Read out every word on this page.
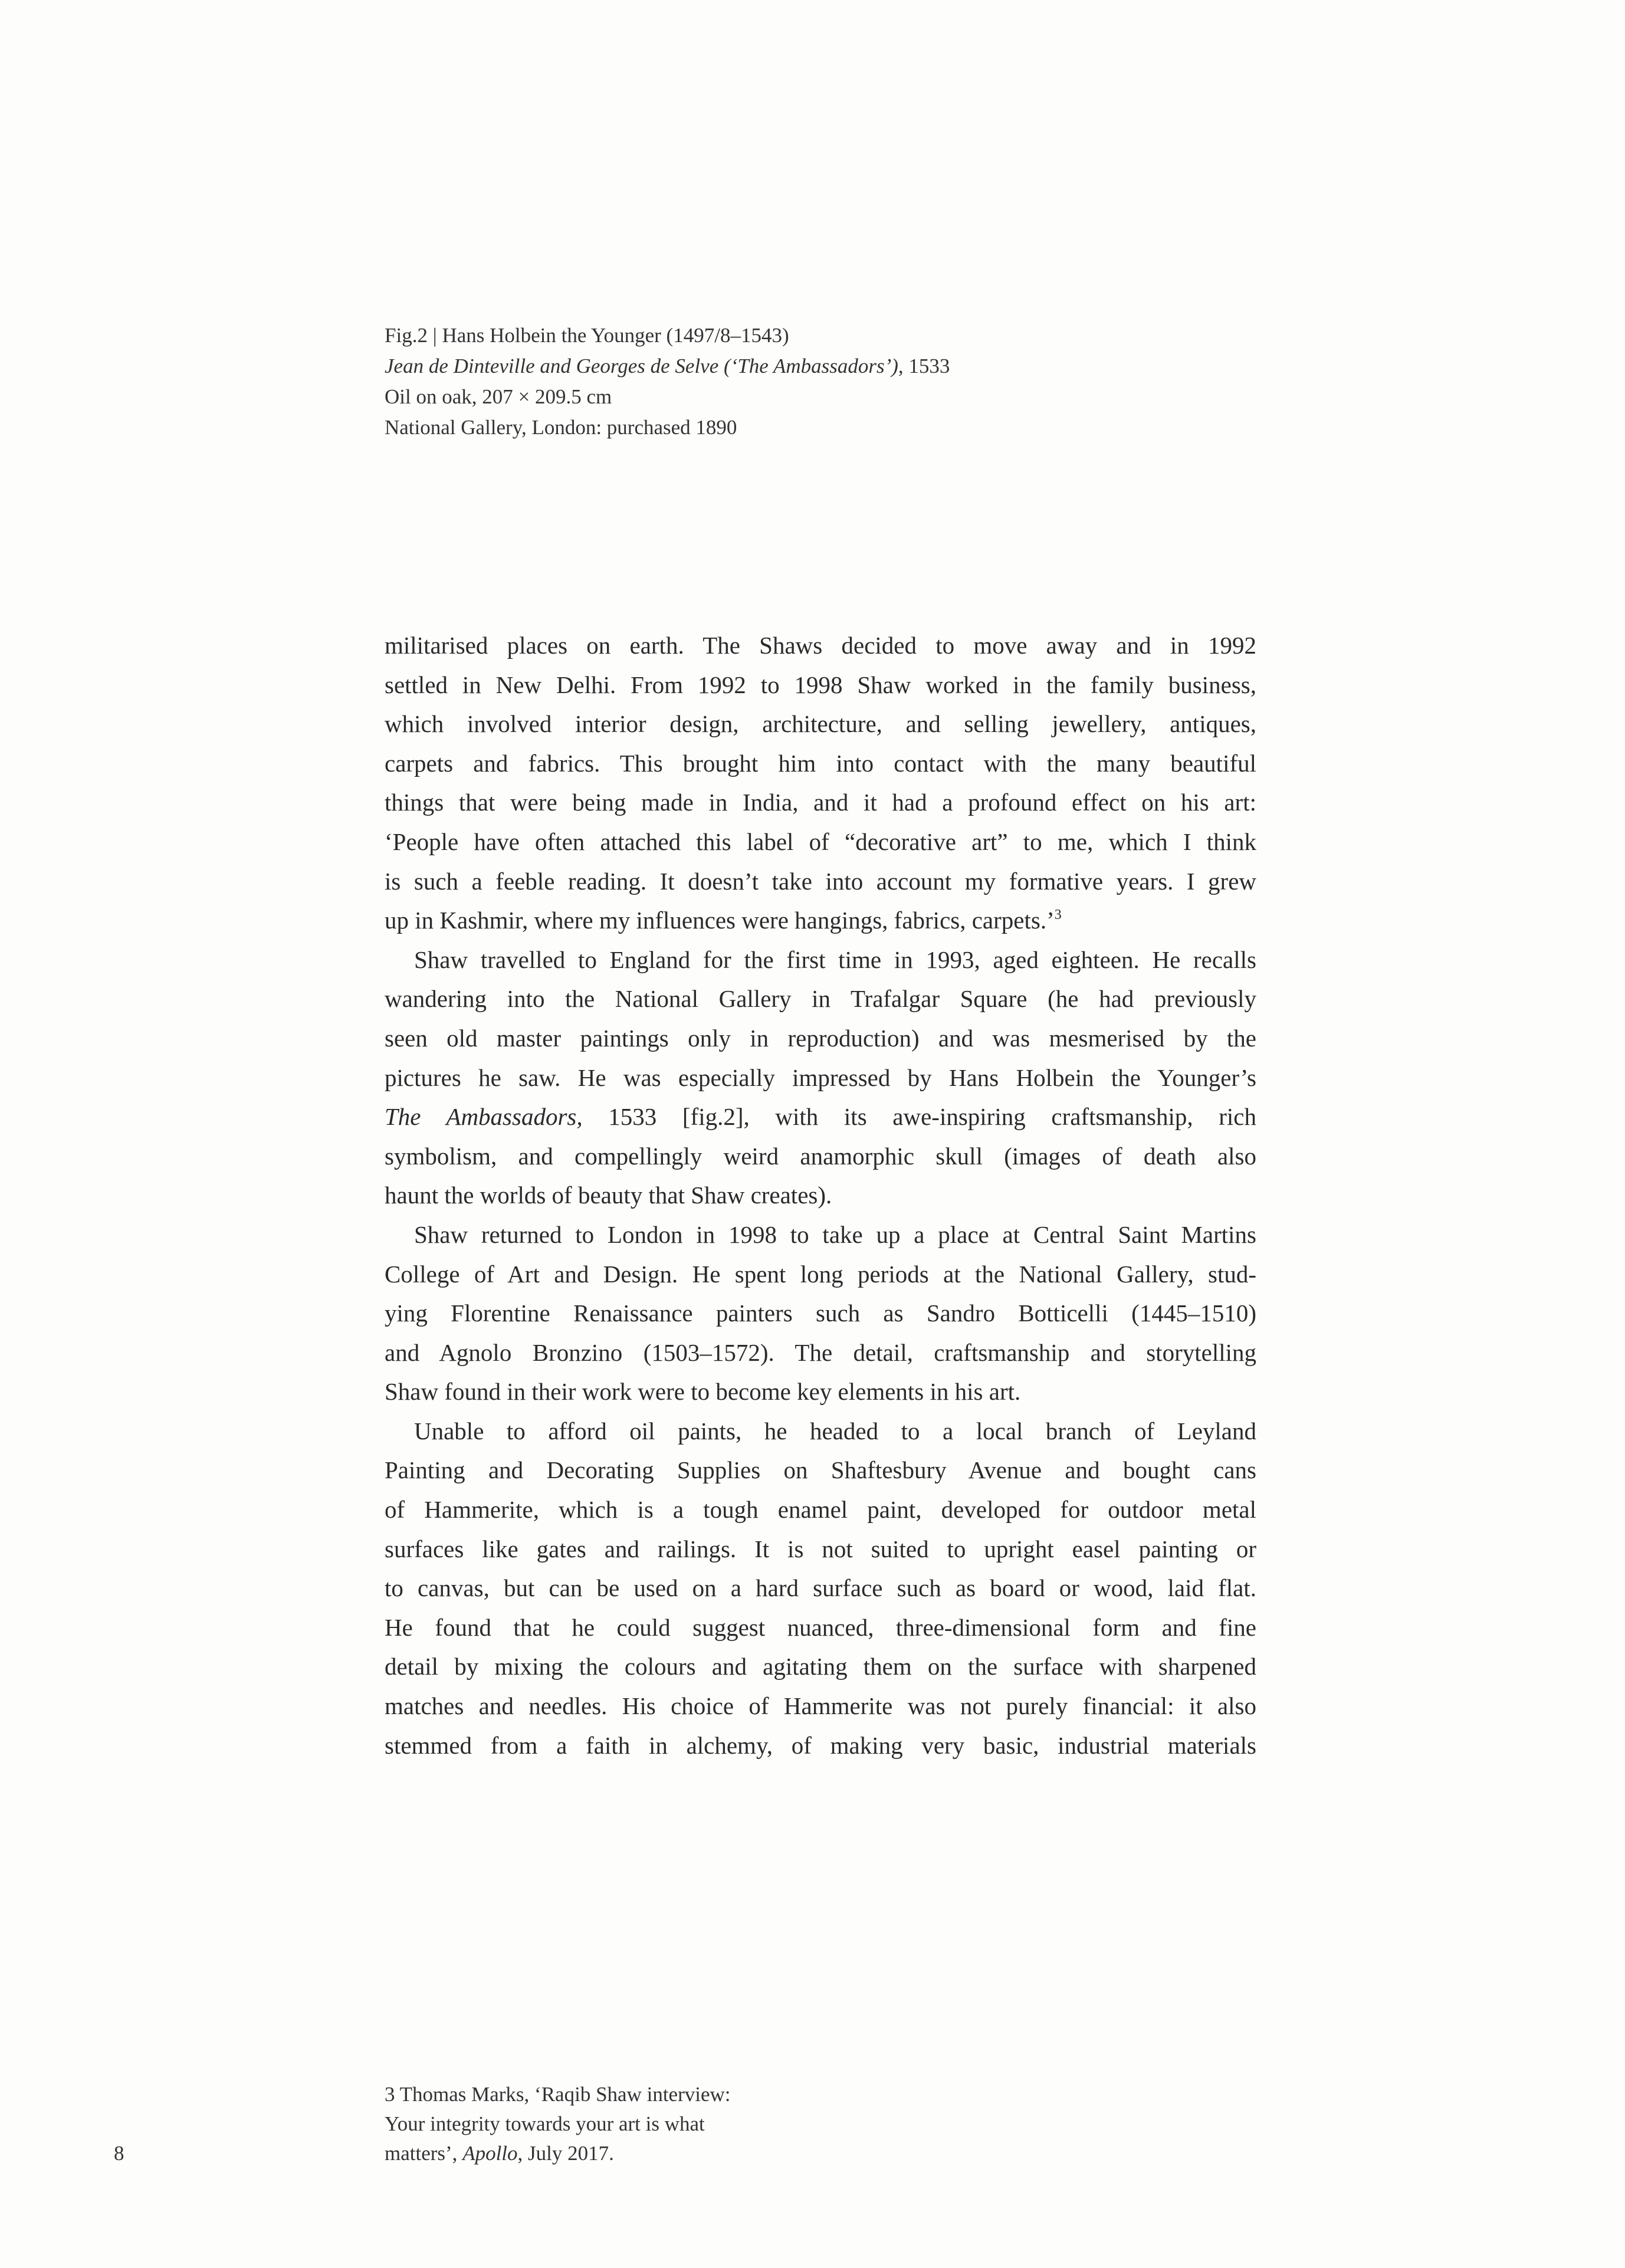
Fig.2 | Hans Holbein the Younger (1497/8–1543)
Jean de Dinteville and Georges de Selve (‘The Ambassadors’), 1533
Oil on oak, 207 × 209.5 cm
National Gallery, London: purchased 1890
militarised places on earth. The Shaws decided to move away and in 1992
settled in New Delhi. From 1992 to 1998 Shaw worked in the family business,
which involved interior design, architecture, and selling jewellery, antiques,
carpets and fabrics. This brought him into contact with the many beautiful
things that were being made in India, and it had a profound effect on his art:
‘People have often attached this label of “decorative art” to me, which I think
is such a feeble reading. It doesn’t take into account my formative years. I grew
up in Kashmir, where my influences were hangings, fabrics, carpets.’$^3$
Shaw travelled to England for the first time in 1993, aged eighteen. He recalls
wandering into the National Gallery in Trafalgar Square (he had previously
seen old master paintings only in reproduction) and was mesmerised by the
pictures he saw. He was especially impressed by Hans Holbein the Younger’s
The Ambassadors, 1533 [fig.2], with its awe-inspiring craftsmanship, rich
symbolism, and compellingly weird anamorphic skull (images of death also
haunt the worlds of beauty that Shaw creates).
Shaw returned to London in 1998 to take up a place at Central Saint Martins
College of Art and Design. He spent long periods at the National Gallery, stud-
ying Florentine Renaissance painters such as Sandro Botticelli (1445–1510)
and Agnolo Bronzino (1503–1572). The detail, craftsmanship and storytelling
Shaw found in their work were to become key elements in his art.
Unable to afford oil paints, he headed to a local branch of Leyland
Painting and Decorating Supplies on Shaftesbury Avenue and bought cans
of Hammerite, which is a tough enamel paint, developed for outdoor metal
surfaces like gates and railings. It is not suited to upright easel painting or
to canvas, but can be used on a hard surface such as board or wood, laid flat.
He found that he could suggest nuanced, three-dimensional form and fine
detail by mixing the colours and agitating them on the surface with sharpened
matches and needles. His choice of Hammerite was not purely financial: it also
stemmed from a faith in alchemy, of making very basic, industrial materials
3 Thomas Marks, ‘Raqib Shaw interview:
Your integrity towards your art is what
matters’, Apollo, July 2017.
8
